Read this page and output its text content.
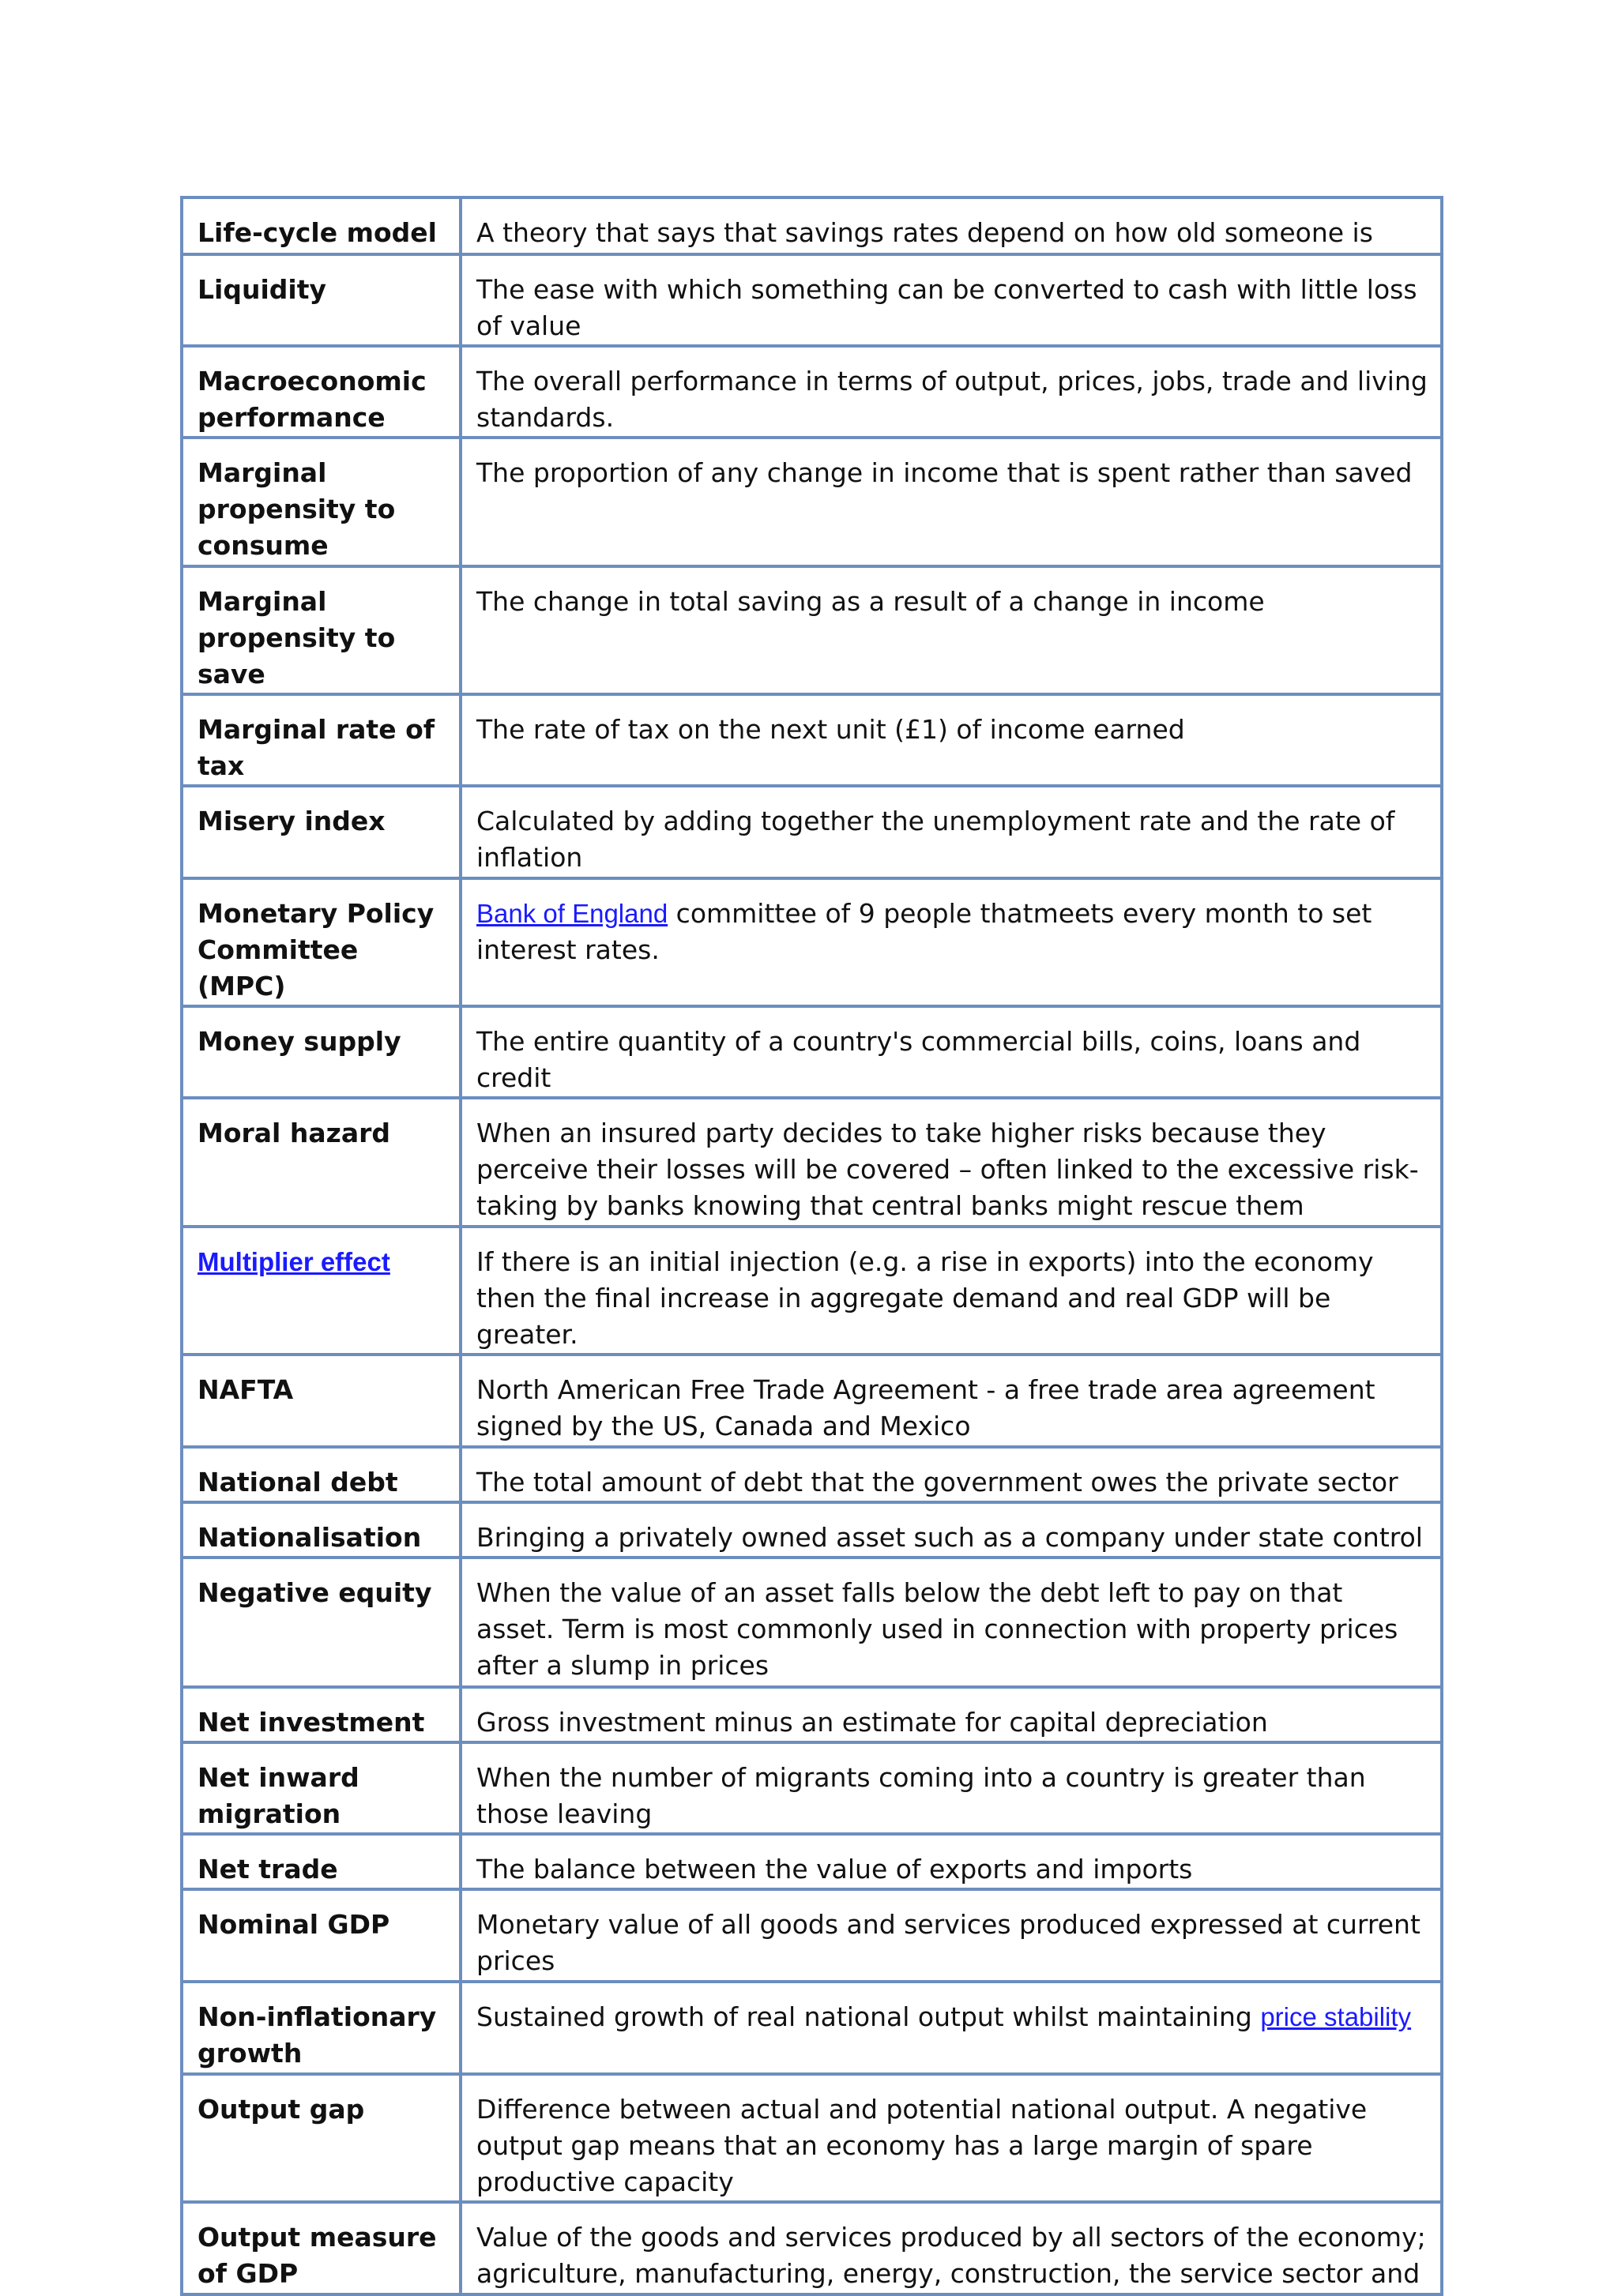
Life-cycle model	A theory that says that savings rates depend on how old someone is
Liquidity	The ease with which something can be converted to cash with little loss of value
Macroeconomic performance	The overall performance in terms of output, prices, jobs, trade and living standards.
Marginal propensity to consume	The proportion of any change in income that is spent rather than saved
Marginal propensity to save	The change in total saving as a result of a change in income
Marginal rate of tax	The rate of tax on the next unit (£1) of income earned
Misery index	Calculated by adding together the unemployment rate and the rate of inflation
Monetary Policy Committee (MPC)	Bank of England committee of 9 people thatmeets every month to set interest rates.
Money supply	The entire quantity of a country's commercial bills, coins, loans and credit
Moral hazard	When an insured party decides to take higher risks because they perceive their losses will be covered – often linked to the excessive risk-taking by banks knowing that central banks might rescue them
Multiplier effect	If there is an initial injection (e.g. a rise in exports) into the economy then the final increase in aggregate demand and real GDP will be greater.
NAFTA	North American Free Trade Agreement - a free trade area agreement signed by the US, Canada and Mexico
National debt	The total amount of debt that the government owes the private sector
Nationalisation	Bringing a privately owned asset such as a company under state control
Negative equity	When the value of an asset falls below the debt left to pay on that asset. Term is most commonly used in connection with property prices after a slump in prices
Net investment	Gross investment minus an estimate for capital depreciation
Net inward migration	When the number of migrants coming into a country is greater than those leaving
Net trade	The balance between the value of exports and imports
Nominal GDP	Monetary value of all goods and services produced expressed at current prices
Non-inflationary growth	Sustained growth of real national output whilst maintaining price stability
Output gap	Difference between actual and potential national output. A negative output gap means that an economy has a large margin of spare productive capacity
Output measure of GDP	Value of the goods and services produced by all sectors of the economy; agriculture, manufacturing, energy, construction, the service sector and
